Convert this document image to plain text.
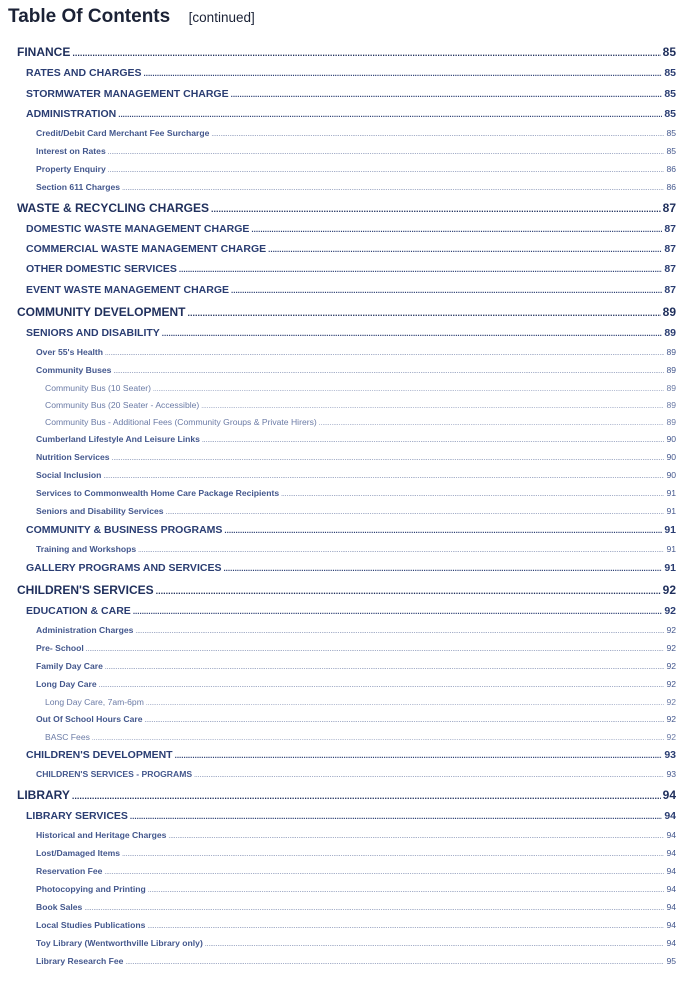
Table Of Contents [continued]
FINANCE .....	85
RATES AND CHARGES .....	85
STORMWATER MANAGEMENT CHARGE .....	85
ADMINISTRATION .....	85
Credit/Debit Card Merchant Fee Surcharge .....	85
Interest on Rates .....	85
Property Enquiry .....	86
Section 611 Charges .....	86
WASTE & RECYCLING CHARGES .....	87
DOMESTIC WASTE MANAGEMENT CHARGE .....	87
COMMERCIAL WASTE MANAGEMENT CHARGE .....	87
OTHER DOMESTIC SERVICES .....	87
EVENT WASTE MANAGEMENT CHARGE .....	87
COMMUNITY DEVELOPMENT .....	89
SENIORS AND DISABILITY .....	89
Over 55's Health .....	89
Community Buses .....	89
Community Bus (10 Seater) .....	89
Community Bus (20 Seater - Accessible) .....	89
Community Bus - Additional Fees (Community Groups & Private Hirers) .....	89
Cumberland Lifestyle And Leisure Links .....	90
Nutrition Services .....	90
Social Inclusion .....	90
Services to Commonwealth Home Care Package Recipients .....	91
Seniors and Disability Services .....	91
COMMUNITY & BUSINESS PROGRAMS .....	91
Training and Workshops .....	91
GALLERY PROGRAMS AND SERVICES .....	91
CHILDREN'S SERVICES .....	92
EDUCATION & CARE .....	92
Administration Charges .....	92
Pre- School .....	92
Family Day Care .....	92
Long Day Care .....	92
Long Day Care, 7am-6pm .....	92
Out Of School Hours Care .....	92
BASC Fees .....	92
CHILDREN'S DEVELOPMENT .....	93
CHILDREN'S SERVICES - PROGRAMS .....	93
LIBRARY .....	94
LIBRARY SERVICES .....	94
Historical and Heritage Charges .....	94
Lost/Damaged Items .....	94
Reservation Fee .....	94
Photocopying and Printing .....	94
Book Sales .....	94
Local Studies Publications .....	94
Toy Library (Wentworthville Library only) .....	94
Library Research Fee .....	95
